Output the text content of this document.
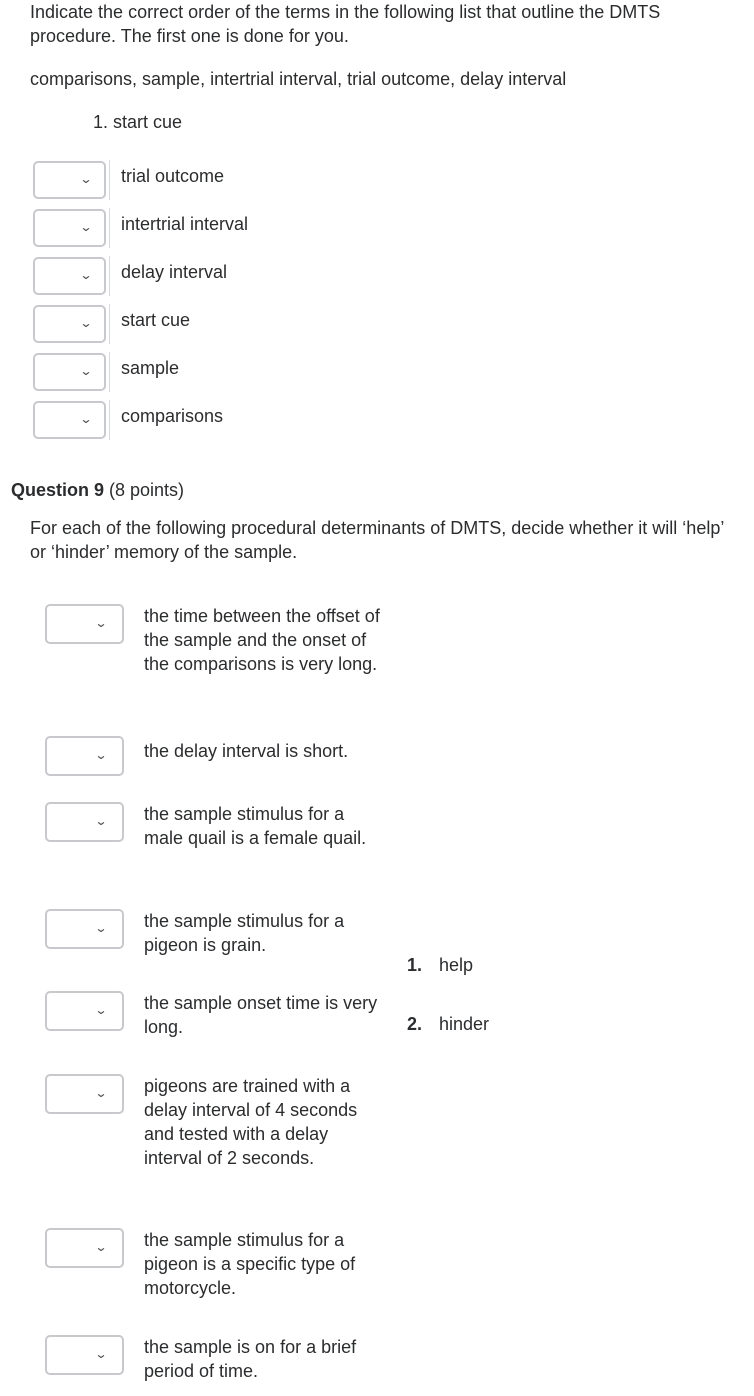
Indicate the correct order of the terms in the following list that outline the DMTS procedure. The first one is done for you.
comparisons, sample, intertrial interval, trial outcome, delay interval
1. start cue
⌄ trial outcome
⌄ intertrial interval
⌄ delay interval
⌄ start cue
⌄ sample
⌄ comparisons
Question 9 (8 points)
For each of the following procedural determinants of DMTS, decide whether it will ‘help’ or ‘hinder’ memory of the sample.
⌄ the time between the offset of the sample and the onset of the comparisons is very long.
⌄ the delay interval is short.
⌄ the sample stimulus for a male quail is a female quail.
⌄ the sample stimulus for a pigeon is grain.
⌄ the sample onset time is very long.
⌄ pigeons are trained with a delay interval of 4 seconds and tested with a delay interval of 2 seconds.
⌄ the sample stimulus for a pigeon is a specific type of motorcycle.
⌄ the sample is on for a brief period of time.
1. help
2. hinder
